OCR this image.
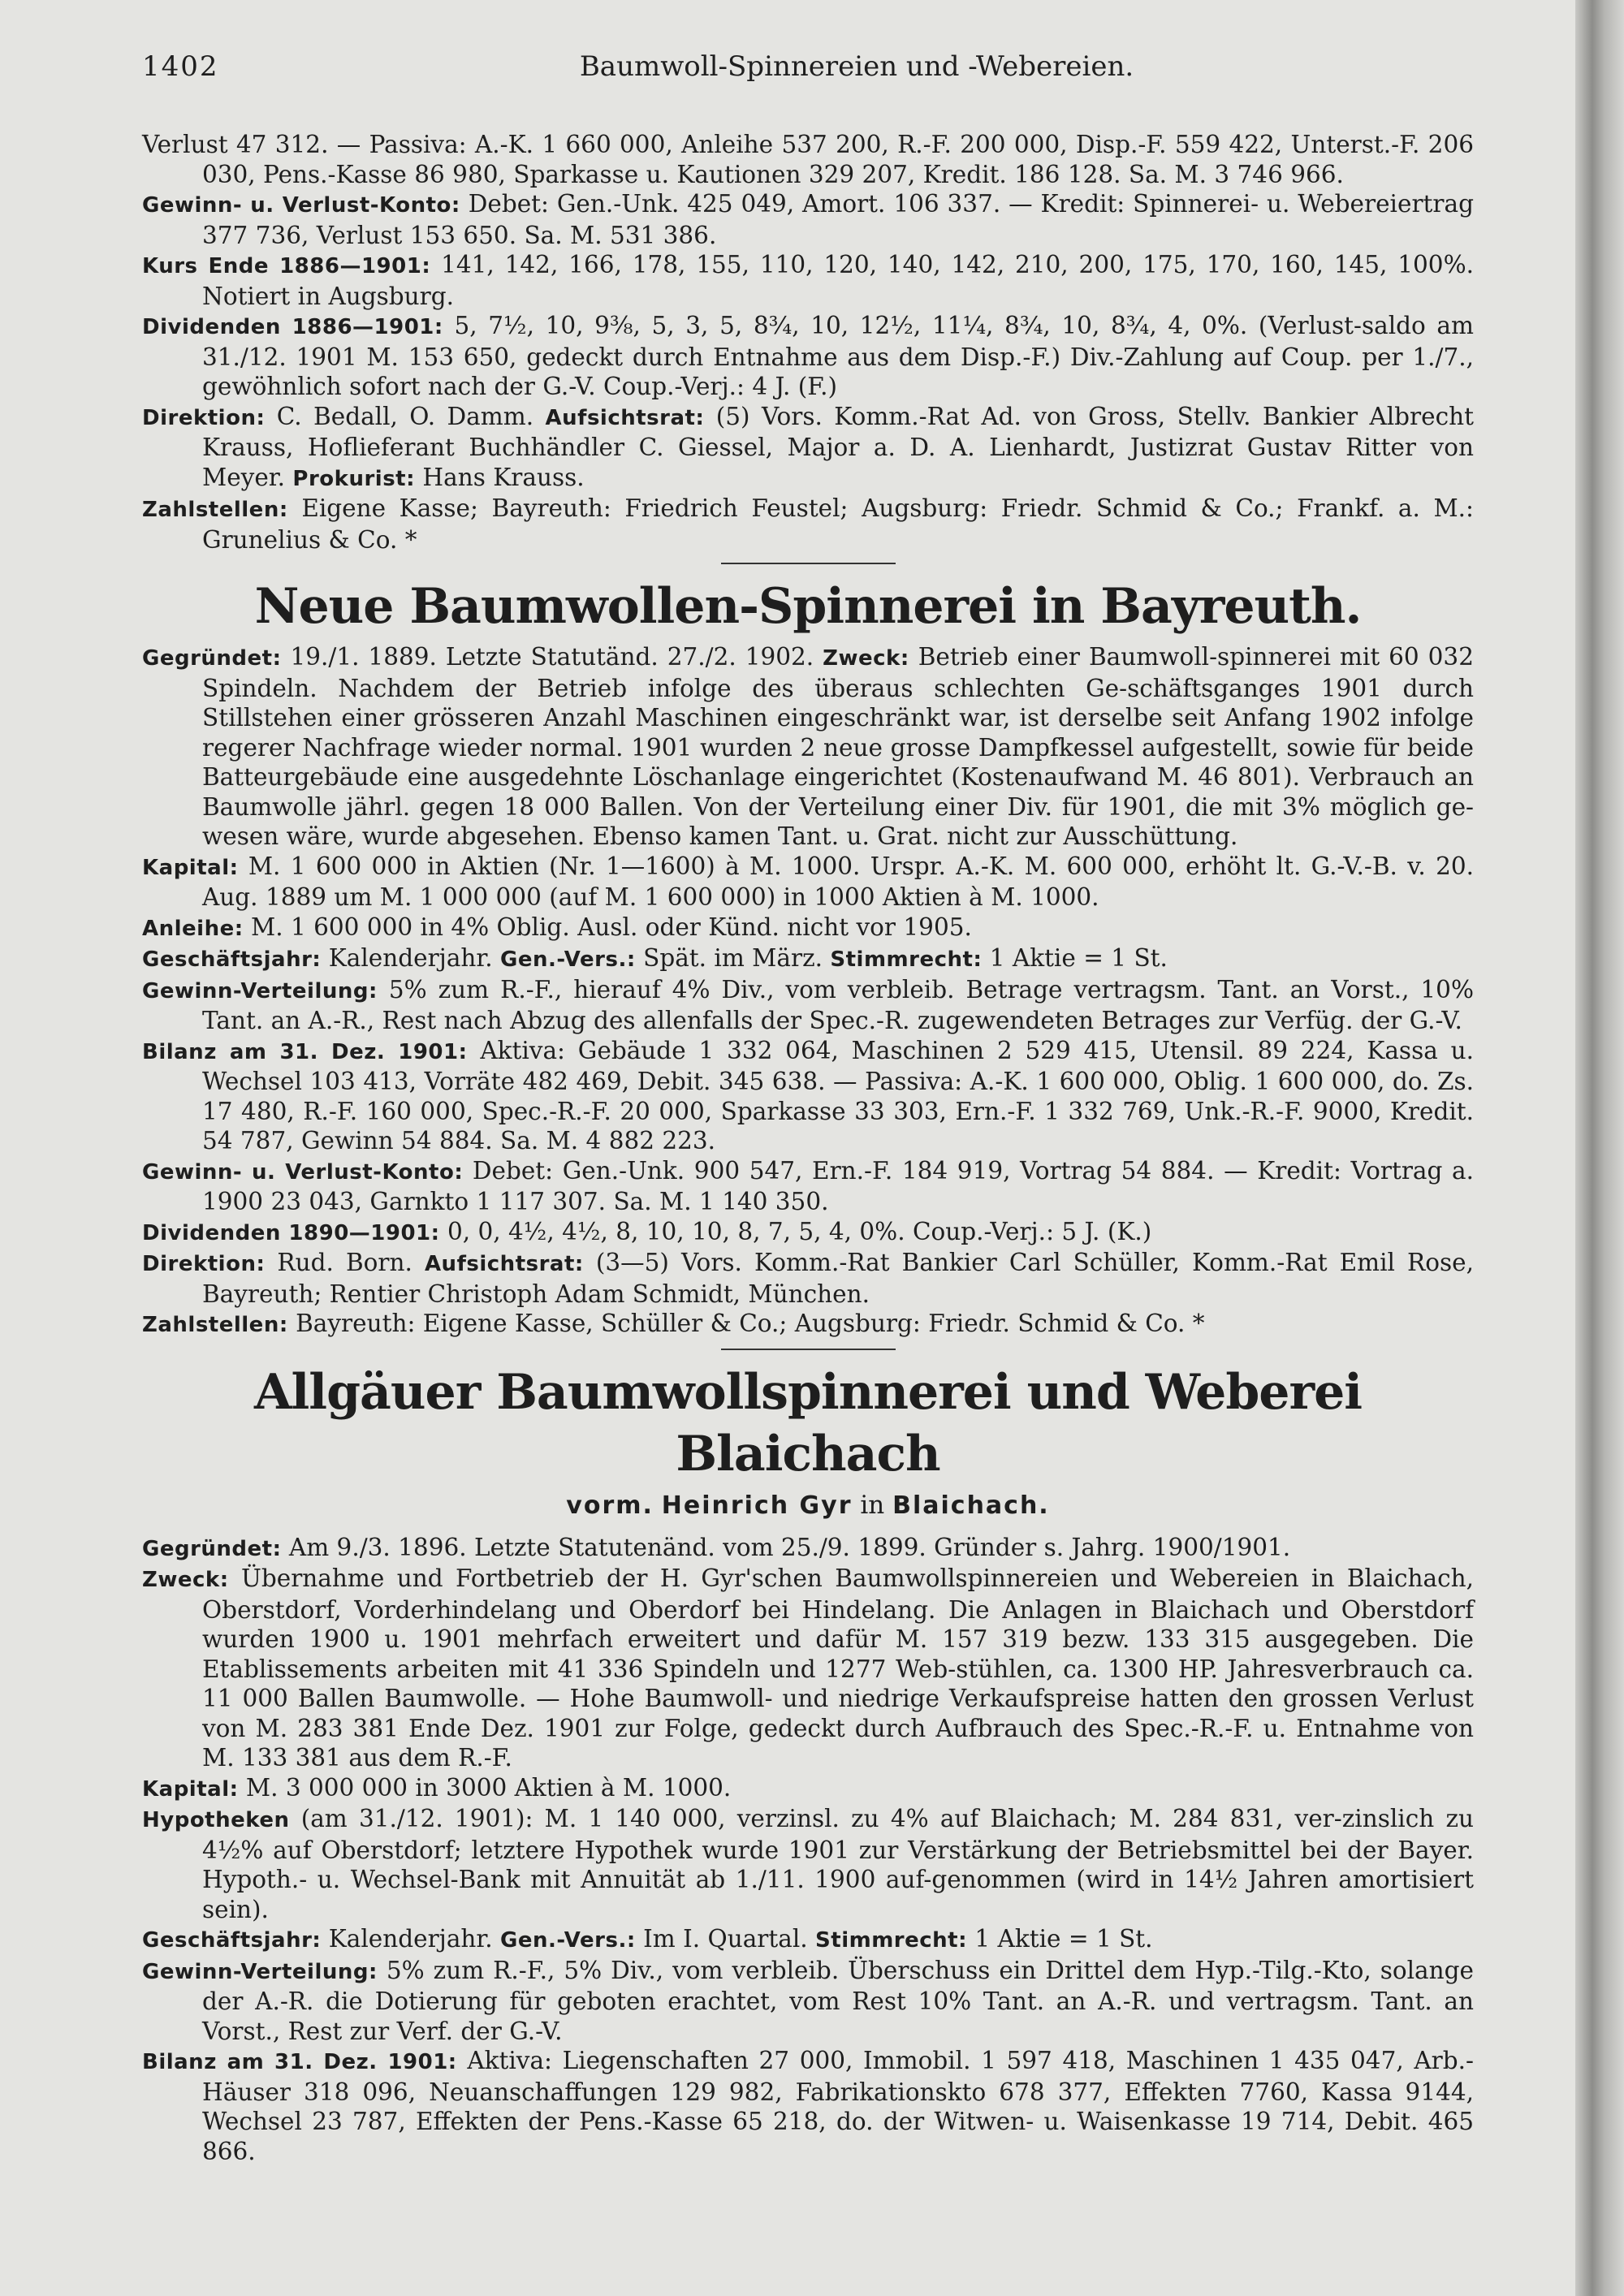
1402	Baumwoll-Spinnereien und -Webereien.

Verlust 47 312. — Passiva: A.-K. 1 660 000, Anleihe 537 200, R.-F. 200 000, Disp.-F. 559 422, Unterst.-F. 206 030, Pens.-Kasse 86 980, Sparkasse u. Kautionen 329 207, Kredit. 186 128. Sa. M. 3 746 966.

Gewinn- u. Verlust-Konto: Debet: Gen.-Unk. 425 049, Amort. 106 337. — Kredit: Spinnerei- u. Webereiertrag 377 736, Verlust 153 650. Sa. M. 531 386.

Kurs Ende 1886—1901: 141, 142, 166, 178, 155, 110, 120, 140, 142, 210, 200, 175, 170, 160, 145, 100%. Notiert in Augsburg.

Dividenden 1886—1901: 5, 7½, 10, 9⅜, 5, 3, 5, 8¾, 10, 12½, 11¼, 8¾, 10, 8¾, 4, 0%. (Verlust-saldo am 31./12. 1901 M. 153 650, gedeckt durch Entnahme aus dem Disp.-F.) Div.-Zahlung auf Coup. per 1./7., gewöhnlich sofort nach der G.-V. Coup.-Verj.: 4 J. (F.)

Direktion: C. Bedall, O. Damm. Aufsichtsrat: (5) Vors. Komm.-Rat Ad. von Gross, Stellv. Bankier Albrecht Krauss, Hoflieferant Buchhändler C. Giessel, Major a. D. A. Lienhardt, Justizrat Gustav Ritter von Meyer. Prokurist: Hans Krauss.

Zahlstellen: Eigene Kasse; Bayreuth: Friedrich Feustel; Augsburg: Friedr. Schmid & Co.; Frankf. a. M.: Grunelius & Co. *

Neue Baumwollen-Spinnerei in Bayreuth.

Gegründet: 19./1. 1889. Letzte Statutänd. 27./2. 1902. Zweck: Betrieb einer Baumwoll-spinnerei mit 60 032 Spindeln. Nachdem der Betrieb infolge des überaus schlechten Ge-schäftsganges 1901 durch Stillstehen einer grösseren Anzahl Maschinen eingeschränkt war, ist derselbe seit Anfang 1902 infolge regerer Nachfrage wieder normal. 1901 wurden 2 neue grosse Dampfkessel aufgestellt, sowie für beide Batteurgebäude eine ausgedehnte Löschanlage eingerichtet (Kostenaufwand M. 46 801). Verbrauch an Baumwolle jährl. gegen 18 000 Ballen. Von der Verteilung einer Div. für 1901, die mit 3% möglich ge-wesen wäre, wurde abgesehen. Ebenso kamen Tant. u. Grat. nicht zur Ausschüttung.

Kapital: M. 1 600 000 in Aktien (Nr. 1—1600) à M. 1000. Urspr. A.-K. M. 600 000, erhöht lt. G.-V.-B. v. 20. Aug. 1889 um M. 1 000 000 (auf M. 1 600 000) in 1000 Aktien à M. 1000.

Anleihe: M. 1 600 000 in 4% Oblig. Ausl. oder Künd. nicht vor 1905.

Geschäftsjahr: Kalenderjahr. Gen.-Vers.: Spät. im März. Stimmrecht: 1 Aktie = 1 St.

Gewinn-Verteilung: 5% zum R.-F., hierauf 4% Div., vom verbleib. Betrage vertragsm. Tant. an Vorst., 10% Tant. an A.-R., Rest nach Abzug des allenfalls der Spec.-R. zugewendeten Betrages zur Verfüg. der G.-V.

Bilanz am 31. Dez. 1901: Aktiva: Gebäude 1 332 064, Maschinen 2 529 415, Utensil. 89 224, Kassa u. Wechsel 103 413, Vorräte 482 469, Debit. 345 638. — Passiva: A.-K. 1 600 000, Oblig. 1 600 000, do. Zs. 17 480, R.-F. 160 000, Spec.-R.-F. 20 000, Sparkasse 33 303, Ern.-F. 1 332 769, Unk.-R.-F. 9000, Kredit. 54 787, Gewinn 54 884. Sa. M. 4 882 223.

Gewinn- u. Verlust-Konto: Debet: Gen.-Unk. 900 547, Ern.-F. 184 919, Vortrag 54 884. — Kredit: Vortrag a. 1900 23 043, Garnkto 1 117 307. Sa. M. 1 140 350.

Dividenden 1890—1901: 0, 0, 4½, 4½, 8, 10, 10, 8, 7, 5, 4, 0%. Coup.-Verj.: 5 J. (K.)

Direktion: Rud. Born. Aufsichtsrat: (3—5) Vors. Komm.-Rat Bankier Carl Schüller, Komm.-Rat Emil Rose, Bayreuth; Rentier Christoph Adam Schmidt, München.

Zahlstellen: Bayreuth: Eigene Kasse, Schüller & Co.; Augsburg: Friedr. Schmid & Co. *

Allgäuer Baumwollspinnerei und Weberei Blaichach

vorm. Heinrich Gyr in Blaichach.

Gegründet: Am 9./3. 1896. Letzte Statutenänd. vom 25./9. 1899. Gründer s. Jahrg. 1900/1901.

Zweck: Übernahme und Fortbetrieb der H. Gyr'schen Baumwollspinnereien und Webereien in Blaichach, Oberstdorf, Vorderhindelang und Oberdorf bei Hindelang. Die Anlagen in Blaichach und Oberstdorf wurden 1900 u. 1901 mehrfach erweitert und dafür M. 157 319 bezw. 133 315 ausgegeben. Die Etablissements arbeiten mit 41 336 Spindeln und 1277 Web-stühlen, ca. 1300 HP. Jahresverbrauch ca. 11 000 Ballen Baumwolle. — Hohe Baumwoll- und niedrige Verkaufspreise hatten den grossen Verlust von M. 283 381 Ende Dez. 1901 zur Folge, gedeckt durch Aufbrauch des Spec.-R.-F. u. Entnahme von M. 133 381 aus dem R.-F.

Kapital: M. 3 000 000 in 3000 Aktien à M. 1000.

Hypotheken (am 31./12. 1901): M. 1 140 000, verzinsl. zu 4% auf Blaichach; M. 284 831, ver-zinslich zu 4½% auf Oberstdorf; letztere Hypothek wurde 1901 zur Verstärkung der Betriebsmittel bei der Bayer. Hypoth.- u. Wechsel-Bank mit Annuität ab 1./11. 1900 auf-genommen (wird in 14½ Jahren amortisiert sein).

Geschäftsjahr: Kalenderjahr. Gen.-Vers.: Im I. Quartal. Stimmrecht: 1 Aktie = 1 St.

Gewinn-Verteilung: 5% zum R.-F., 5% Div., vom verbleib. Überschuss ein Drittel dem Hyp.-Tilg.-Kto, solange der A.-R. die Dotierung für geboten erachtet, vom Rest 10% Tant. an A.-R. und vertragsm. Tant. an Vorst., Rest zur Verf. der G.-V.

Bilanz am 31. Dez. 1901: Aktiva: Liegenschaften 27 000, Immobil. 1 597 418, Maschinen 1 435 047, Arb.-Häuser 318 096, Neuanschaffungen 129 982, Fabrikationskto 678 377, Effekten 7760, Kassa 9144, Wechsel 23 787, Effekten der Pens.-Kasse 65 218, do. der Witwen- u. Waisenkasse 19 714, Debit. 465 866.
